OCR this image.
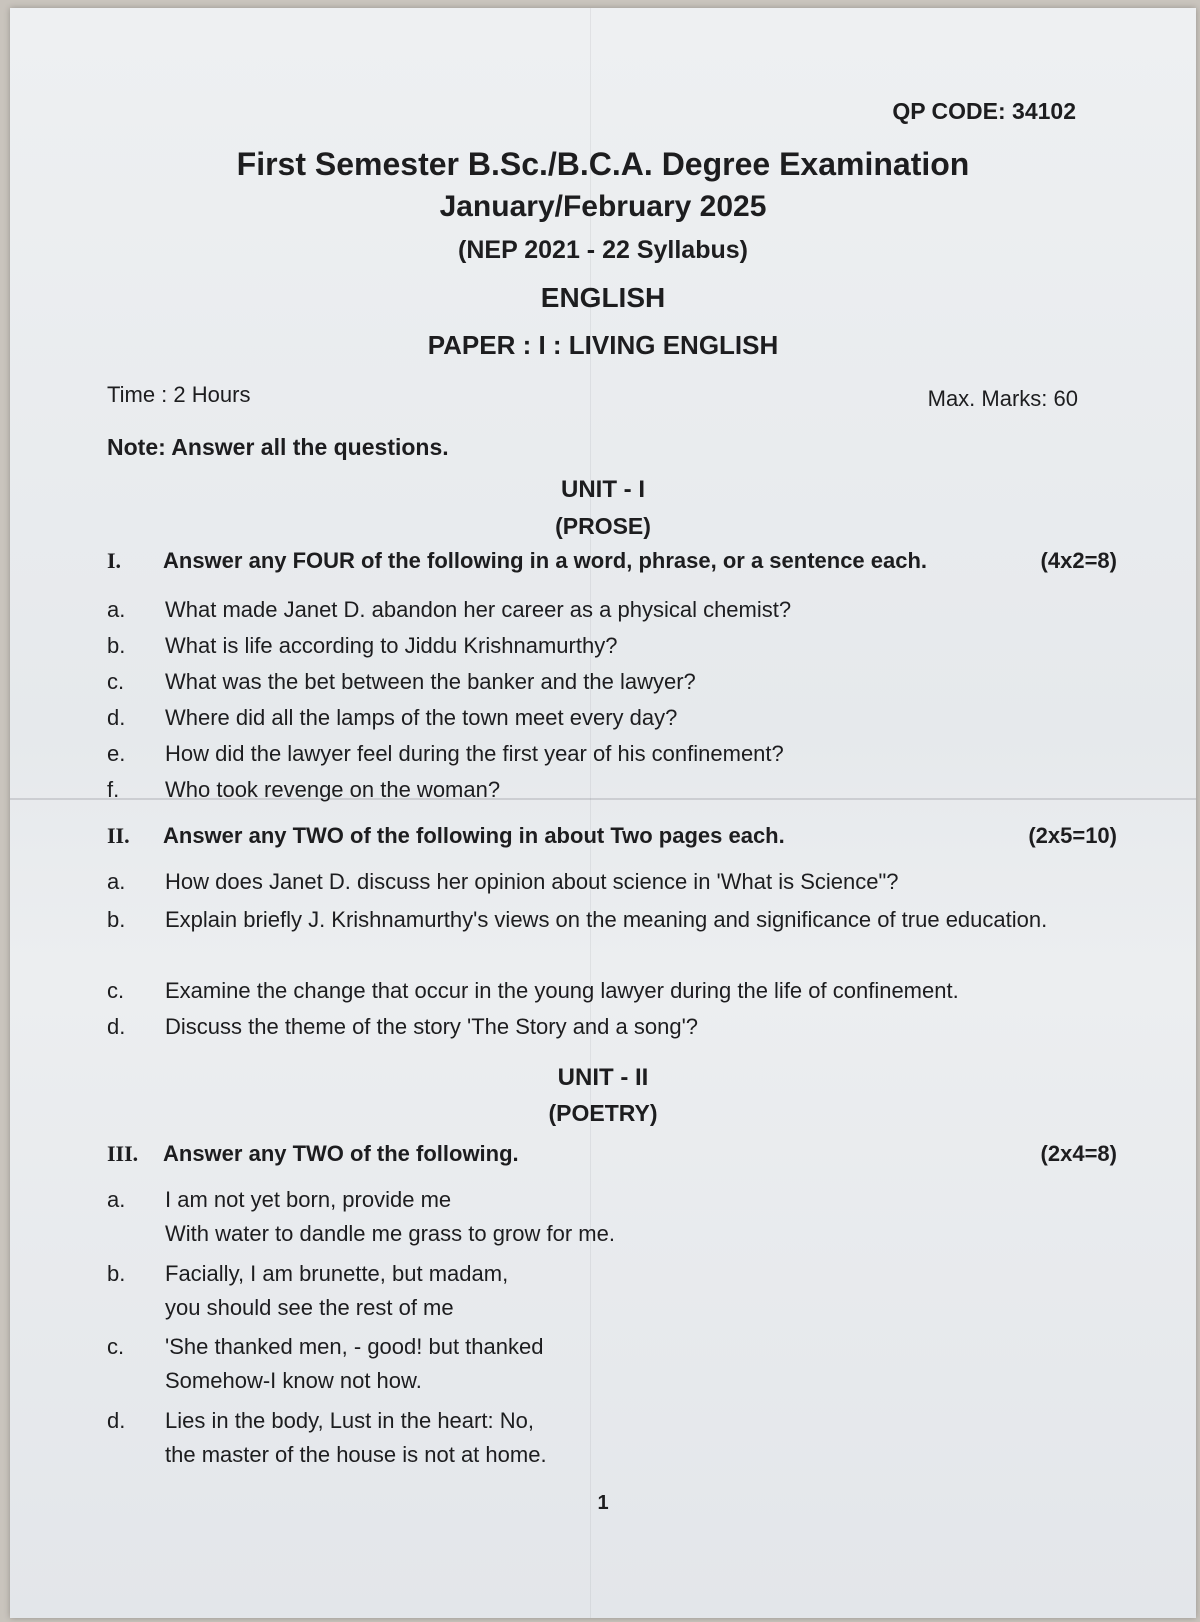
QP CODE: 34102
First Semester B.Sc./B.C.A. Degree Examination
January/February 2025
(NEP 2021 - 22 Syllabus)
ENGLISH
PAPER : I : LIVING ENGLISH
Time : 2 Hours	Max. Marks: 60
Note: Answer all the questions.
UNIT - I
(PROSE)
I. Answer any FOUR of the following in a word, phrase, or a sentence each.	(4x2=8)
a.	What made Janet D. abandon her career as a physical chemist?
b.	What is life according to Jiddu Krishnamurthy?
c.	What was the bet between the banker and the lawyer?
d.	Where did all the lamps of the town meet every day?
e.	How did the lawyer feel during the first year of his confinement?
f.	Who took revenge on the woman?
II. Answer any TWO of the following in about Two pages each.	(2x5=10)
a.	How does Janet D. discuss her opinion about science in 'What is Science"?
b.	Explain briefly J. Krishnamurthy's views on the meaning and significance of true education.
c.	Examine the change that occur in the young lawyer during the life of confinement.
d.	Discuss the theme of the story 'The Story and a song'?
UNIT - II
(POETRY)
III. Answer any TWO of the following.	(2x4=8)
a.	I am not yet born, provide me
With water to dandle me grass to grow for me.
b.	Facially, I am brunette, but madam,
you should see the rest of me
c.	'She thanked men, - good! but thanked
Somehow-I know not how.
d.	Lies in the body, Lust in the heart: No,
the master of the house is not at home.
1
